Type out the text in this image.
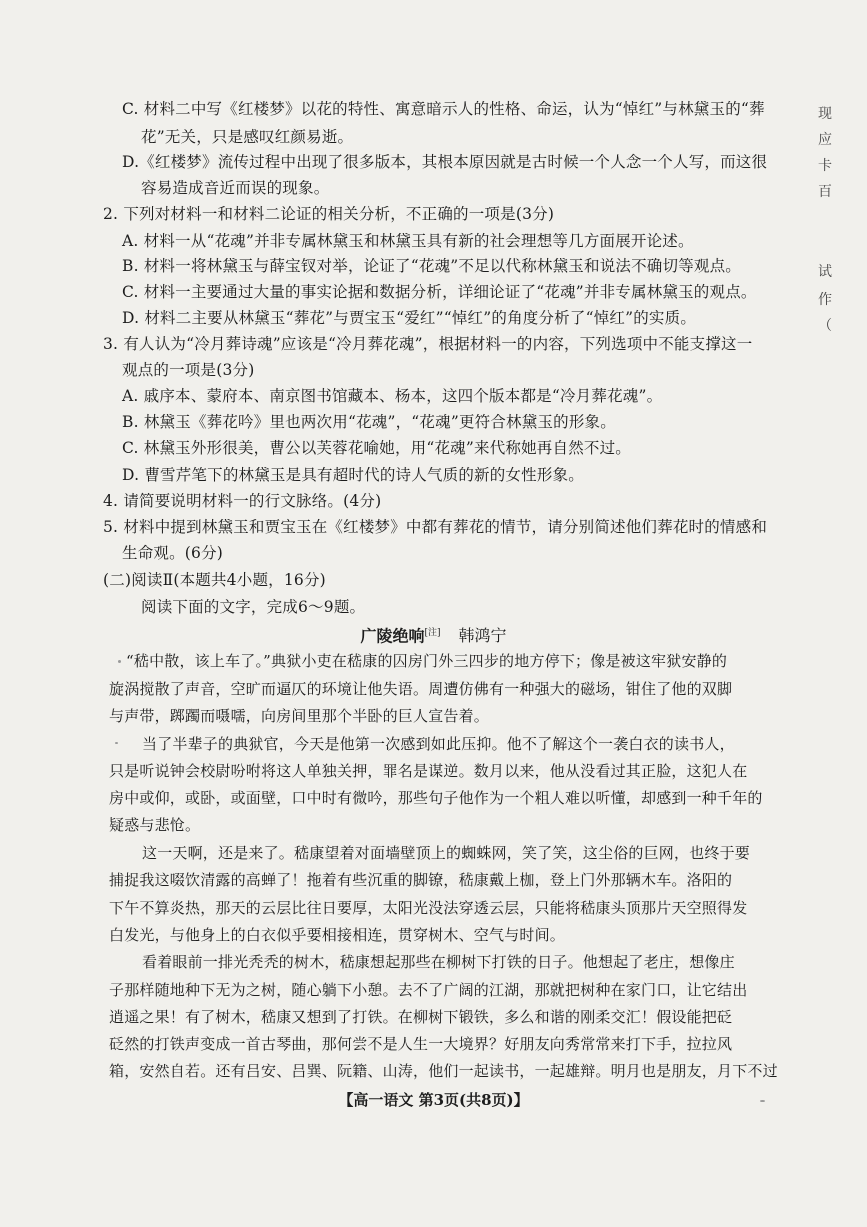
C. 材料二中写《红楼梦》以花的特性、寓意暗示人的性格、命运，认为“悼红”与林黛玉的“葬
花”无关，只是感叹红颜易逝。
D.《红楼梦》流传过程中出现了很多版本，其根本原因就是古时候一个人念一个人写，而这很
容易造成音近而误的现象。
2. 下列对材料一和材料二论证的相关分析，不正确的一项是(3分)
A. 材料一从“花魂”并非专属林黛玉和林黛玉具有新的社会理想等几方面展开论述。
B. 材料一将林黛玉与薛宝钗对举，论证了“花魂”不足以代称林黛玉和说法不确切等观点。
C. 材料一主要通过大量的事实论据和数据分析，详细论证了“花魂”并非专属林黛玉的观点。
D. 材料二主要从林黛玉“葬花”与贾宝玉“爱红”“悼红”的角度分析了“悼红”的实质。
3. 有人认为“冷月葬诗魂”应该是“冷月葬花魂”，根据材料一的内容，下列选项中不能支撑这一
观点的一项是(3分)
A. 戚序本、蒙府本、南京图书馆藏本、杨本，这四个版本都是“冷月葬花魂”。
B. 林黛玉《葬花吟》里也两次用“花魂”，“花魂”更符合林黛玉的形象。
C. 林黛玉外形很美，曹公以芙蓉花喻她，用“花魂”来代称她再自然不过。
D. 曹雪芹笔下的林黛玉是具有超时代的诗人气质的新的女性形象。
4. 请简要说明材料一的行文脉络。(4分)
5. 材料中提到林黛玉和贾宝玉在《红楼梦》中都有葬花的情节，请分别简述他们葬花时的情感和
生命观。(6分)
(二)阅读Ⅱ(本题共4小题，16分)
阅读下面的文字，完成6～9题。
广陵绝响[注] 韩鸿宁
“嵇中散，该上车了。”典狱小吏在嵇康的囚房门外三四步的地方停下；像是被这牢狱安静的
旋涡搅散了声音，空旷而逼仄的环境让他失语。周遭仿佛有一种强大的磁场，钳住了他的双脚
与声带，踯躅而嗫嚅，向房间里那个半卧的巨人宣告着。
当了半辈子的典狱官，今天是他第一次感到如此压抑。他不了解这个一袭白衣的读书人，
只是听说钟会校尉吩咐将这人单独关押，罪名是谋逆。数月以来，他从没看过其正脸，这犯人在
房中或仰，或卧，或面壁，口中时有微吟，那些句子他作为一个粗人难以听懂，却感到一种千年的
疑惑与悲怆。
这一天啊，还是来了。嵇康望着对面墙壁顶上的蜘蛛网，笑了笑，这尘俗的巨网，也终于要
捕捉我这啜饮清露的高蝉了！拖着有些沉重的脚镣，嵇康戴上枷，登上门外那辆木车。洛阳的
下午不算炎热，那天的云层比往日要厚，太阳光没法穿透云层，只能将嵇康头顶那片天空照得发
白发光，与他身上的白衣似乎要相接相连，贯穿树木、空气与时间。
看着眼前一排光秃秃的树木，嵇康想起那些在柳树下打铁的日子。他想起了老庄，想像庄
子那样随地种下无为之树，随心躺下小憩。去不了广阔的江湖，那就把树种在家门口，让它结出
逍遥之果！有了树木，嵇康又想到了打铁。在柳树下锻铁，多么和谐的刚柔交汇！假设能把砭
砭然的打铁声变成一首古琴曲，那何尝不是人生一大境界？好朋友向秀常常来打下手，拉拉风
箱，安然自若。还有吕安、吕巽、阮籍、山涛，他们一起读书，一起雄辩。明月也是朋友，月下不过
【高一语文 第3页(共8页)】
现
应
卡
百
试
作
（
